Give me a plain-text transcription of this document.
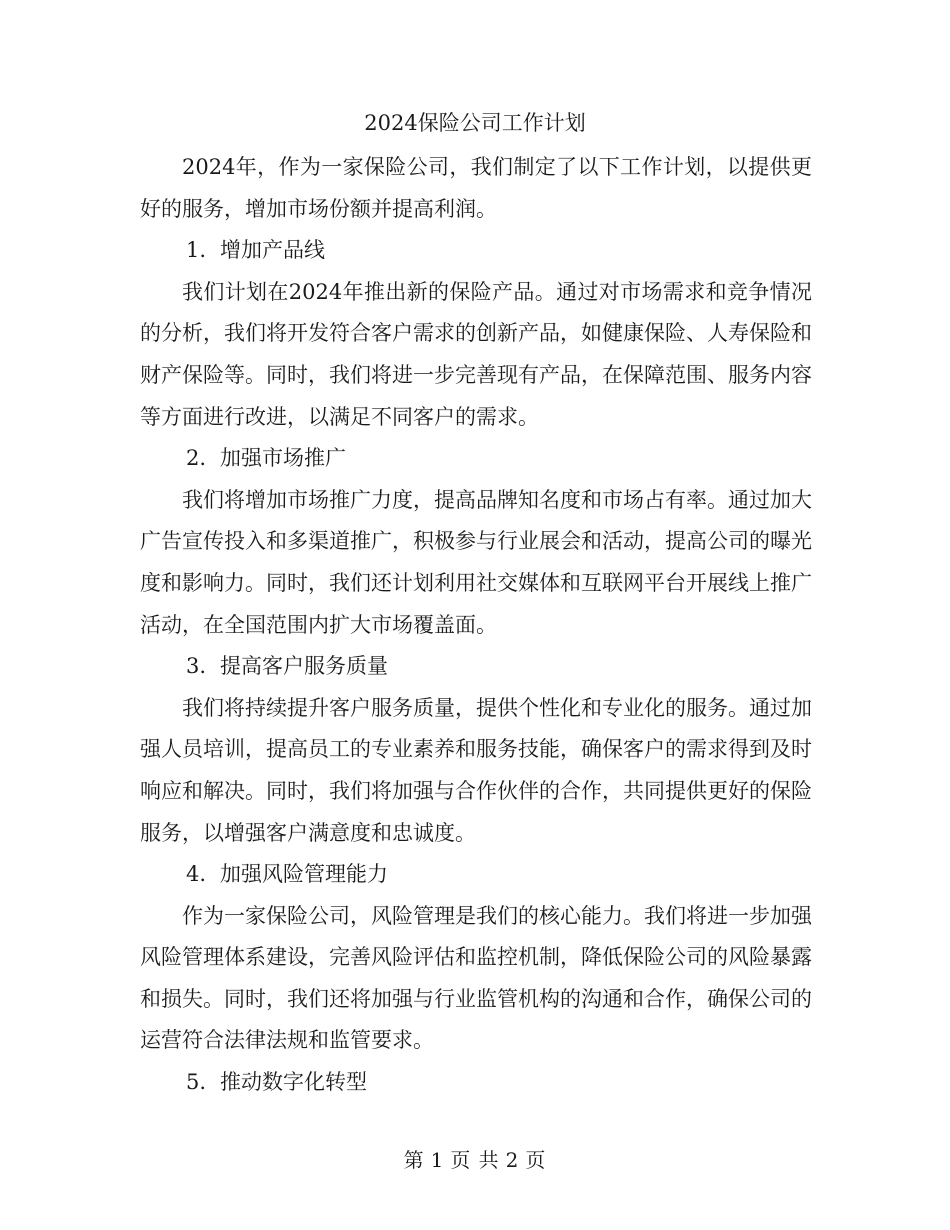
2024保险公司工作计划

2024年，作为一家保险公司，我们制定了以下工作计划，以提供更好的服务，增加市场份额并提高利润。

1. 增加产品线

我们计划在2024年推出新的保险产品。通过对市场需求和竞争情况的分析，我们将开发符合客户需求的创新产品，如健康保险、人寿保险和财产保险等。同时，我们将进一步完善现有产品，在保障范围、服务内容等方面进行改进，以满足不同客户的需求。

2. 加强市场推广

我们将增加市场推广力度，提高品牌知名度和市场占有率。通过加大广告宣传投入和多渠道推广，积极参与行业展会和活动，提高公司的曝光度和影响力。同时，我们还计划利用社交媒体和互联网平台开展线上推广活动，在全国范围内扩大市场覆盖面。

3. 提高客户服务质量

我们将持续提升客户服务质量，提供个性化和专业化的服务。通过加强人员培训，提高员工的专业素养和服务技能，确保客户的需求得到及时响应和解决。同时，我们将加强与合作伙伴的合作，共同提供更好的保险服务，以增强客户满意度和忠诚度。

4. 加强风险管理能力

作为一家保险公司，风险管理是我们的核心能力。我们将进一步加强风险管理体系建设，完善风险评估和监控机制，降低保险公司的风险暴露和损失。同时，我们还将加强与行业监管机构的沟通和合作，确保公司的运营符合法律法规和监管要求。

5. 推动数字化转型

第 1 页 共 2 页
